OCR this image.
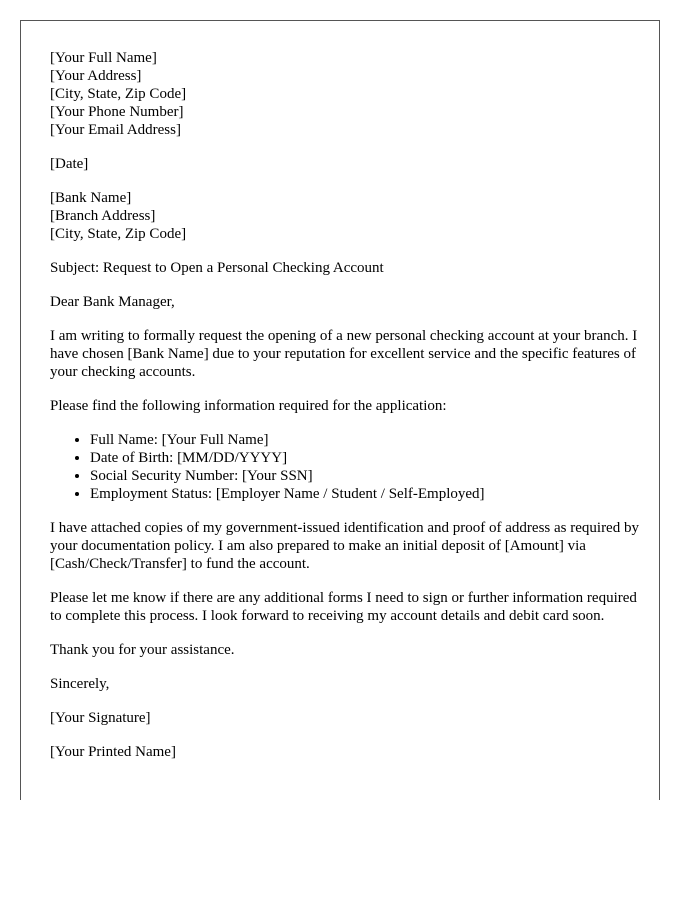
[Your Full Name]
[Your Address]
[City, State, Zip Code]
[Your Phone Number]
[Your Email Address]
[Date]
[Bank Name]
[Branch Address]
[City, State, Zip Code]

Subject: Request to Open a Personal Checking Account

Dear Bank Manager,

I am writing to formally request the opening of a new personal checking account at your branch. I have chosen [Bank Name] due to your reputation for excellent service and the specific features of your checking accounts.

Please find the following information required for the application:

• Full Name: [Your Full Name]
• Date of Birth: [MM/DD/YYYY]
• Social Security Number: [Your SSN]
• Employment Status: [Employer Name / Student / Self-Employed]

I have attached copies of my government-issued identification and proof of address as required by your documentation policy. I am also prepared to make an initial deposit of [Amount] via [Cash/Check/Transfer] to fund the account.

Please let me know if there are any additional forms I need to sign or further information required to complete this process. I look forward to receiving my account details and debit card soon.

Thank you for your assistance.

Sincerely,

[Your Signature]

[Your Printed Name]
